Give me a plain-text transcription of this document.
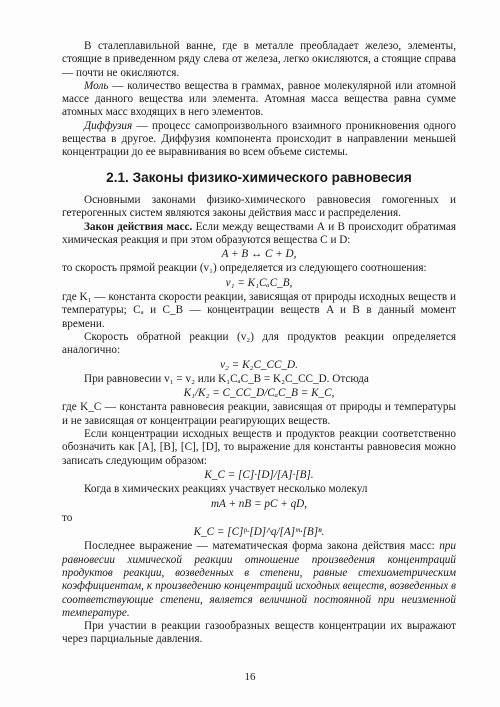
В сталеплавильной ванне, где в металле преобладает железо, элементы, стоящие в приведенном ряду слева от железа, легко окисляются, а стоящие справа — почти не окисляются.

Моль — количество вещества в граммах, равное молекулярной или атомной массе данного вещества или элемента. Атомная масса вещества равна сумме атомных масс входящих в него элементов.

Диффузия — процесс самопроизвольного взаимного проникновения одного вещества в другое. Диффузия компонента происходит в направлении меньшей концентрации до ее выравнивания во всем объеме системы.

2.1. Законы физико-химического равновесия

Основными законами физико-химического равновесия гомогенных и гетерогенных систем являются законы действия масс и распределения.

Закон действия масс. Если между веществами А и В происходит обратимая химическая реакция и при этом образуются вещества С и D:

A + B ↔ C + D,

то скорость прямой реакции (v₁) определяется из следующего соотношения:

v₁ = K₁CₐC_B,

где K₁ — константа скорости реакции, зависящая от природы исходных веществ и температуры; Cₐ и C_B — концентрации веществ A и B в данный момент времени.

Скорость обратной реакции (v₂) для продуктов реакции определяется аналогично:

v₂ = K₂C_CC_D.

При равновесии v₁ = v₂ или K₁CₐC_B = K₂C_CC_D. Отсюда

K₁/K₂ = C_CC_D/CₐC_B = K_C,

где K_C — константа равновесия реакции, зависящая от природы и температуры и не зависящая от концентрации реагирующих веществ.

Если концентрации исходных веществ и продуктов реакции соответственно обозначить как [A], [B], [C], [D], то выражение для константы равновесия можно записать следующим образом:

K_C = [C]·[D]/[A]·[B].

Когда в химических реакциях участвует несколько молекул

mA + nB = pC + qD,

то

K_C = [C]ᵖ·[D]^q/[A]ᵐ·[B]ⁿ.

Последнее выражение — математическая форма закона действия масс: при равновесии химической реакции отношение произведения концентраций продуктов реакции, возведенных в степени, равные стехиометрическим коэффициентам, к произведению концентраций исходных веществ, возведенных в соответствующие степени, является величиной постоянной при неизменной температуре.

При участии в реакции газообразных веществ концентрации их выражают через парциальные давления.

16
